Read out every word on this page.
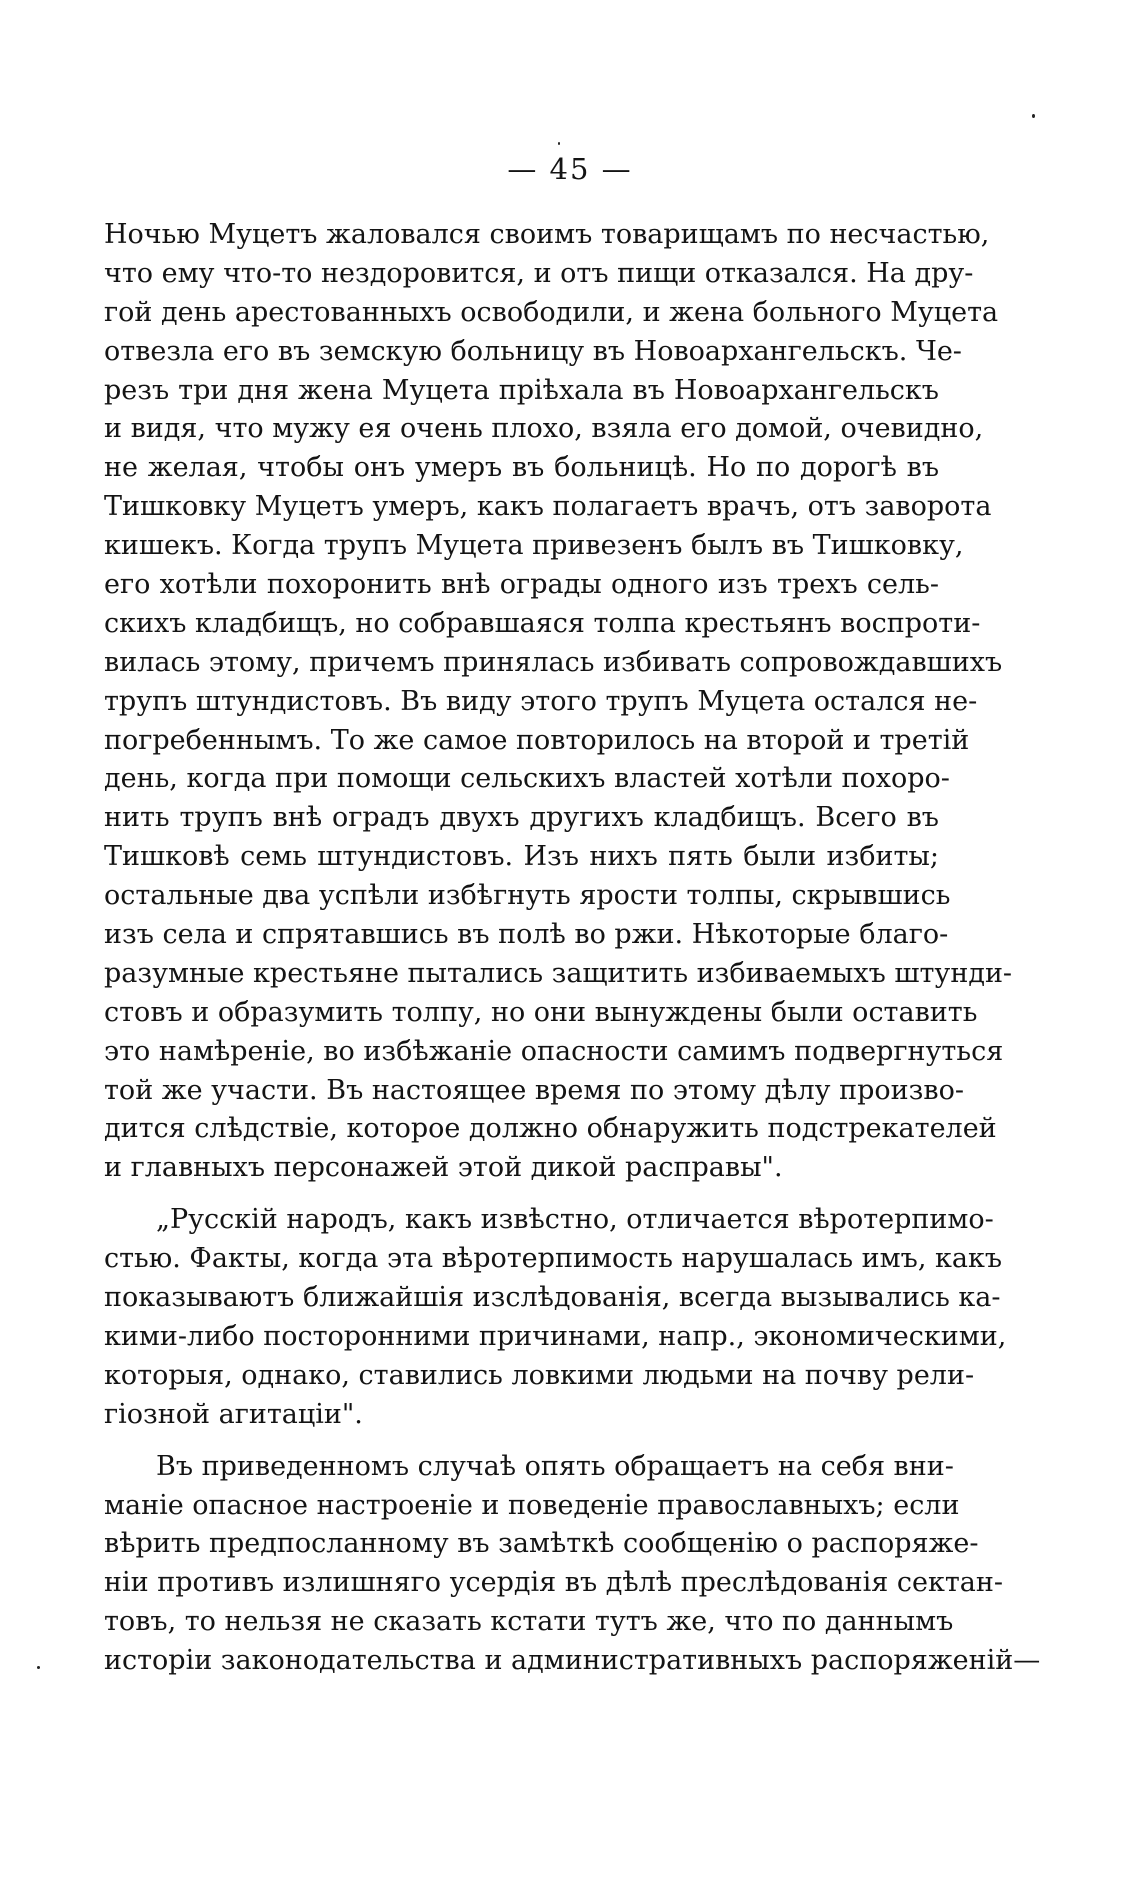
— 45 —
Ночью Муцетъ жаловался своимъ товарищамъ по несчастью,
что ему что-то нездоровится, и отъ пищи отказался. На дру-
гой день арестованныхъ освободили, и жена больного Муцета
отвезла его въ земскую больницу въ Новоархангельскъ. Че-
резъ три дня жена Муцета пріѣхала въ Новоархангельскъ
и видя, что мужу ея очень плохо, взяла его домой, очевидно,
не желая, чтобы онъ умеръ въ больницѣ. Но по дорогѣ въ
Тишковку Муцетъ умеръ, какъ полагаетъ врачъ, отъ заворота
кишекъ. Когда трупъ Муцета привезенъ былъ въ Тишковку,
его хотѣли похоронить внѣ ограды одного изъ трехъ сель-
скихъ кладбищъ, но собравшаяся толпа крестьянъ воспроти-
вилась этому, причемъ принялась избивать сопровождавшихъ
трупъ штундистовъ. Въ виду этого трупъ Муцета остался не-
погребеннымъ. То же самое повторилось на второй и третій
день, когда при помощи сельскихъ властей хотѣли похоро-
нить трупъ внѣ оградъ двухъ другихъ кладбищъ. Всего въ
Тишковѣ семь штундистовъ. Изъ нихъ пять были избиты;
остальные два успѣли избѣгнуть ярости толпы, скрывшись
изъ села и спрятавшись въ полѣ во ржи. Нѣкоторые благо-
разумные крестьяне пытались защитить избиваемыхъ штунди-
стовъ и образумить толпу, но они вынуждены были оставить
это намѣреніе, во избѣжаніе опасности самимъ подвергнуться
той же участи. Въ настоящее время по этому дѣлу произво-
дится слѣдствіе, которое должно обнаружить подстрекателей
и главныхъ персонажей этой дикой расправы".
„Русскій народъ, какъ извѣстно, отличается вѣротерпимо-
стью. Факты, когда эта вѣротерпимость нарушалась имъ, какъ
показываютъ ближайшія изслѣдованія, всегда вызывались ка-
кими-либо посторонними причинами, напр., экономическими,
которыя, однако, ставились ловкими людьми на почву рели-
гіозной агитаціи".
Въ приведенномъ случаѣ опять обращаетъ на себя вни-
маніе опасное настроеніе и поведеніе православныхъ; если
вѣрить предпосланному въ замѣткѣ сообщенію о распоряже-
ніи противъ излишняго усердія въ дѣлѣ преслѣдованія сектан-
товъ, то нельзя не сказать кстати тутъ же, что по даннымъ
исторіи законодательства и административныхъ распоряженій—
